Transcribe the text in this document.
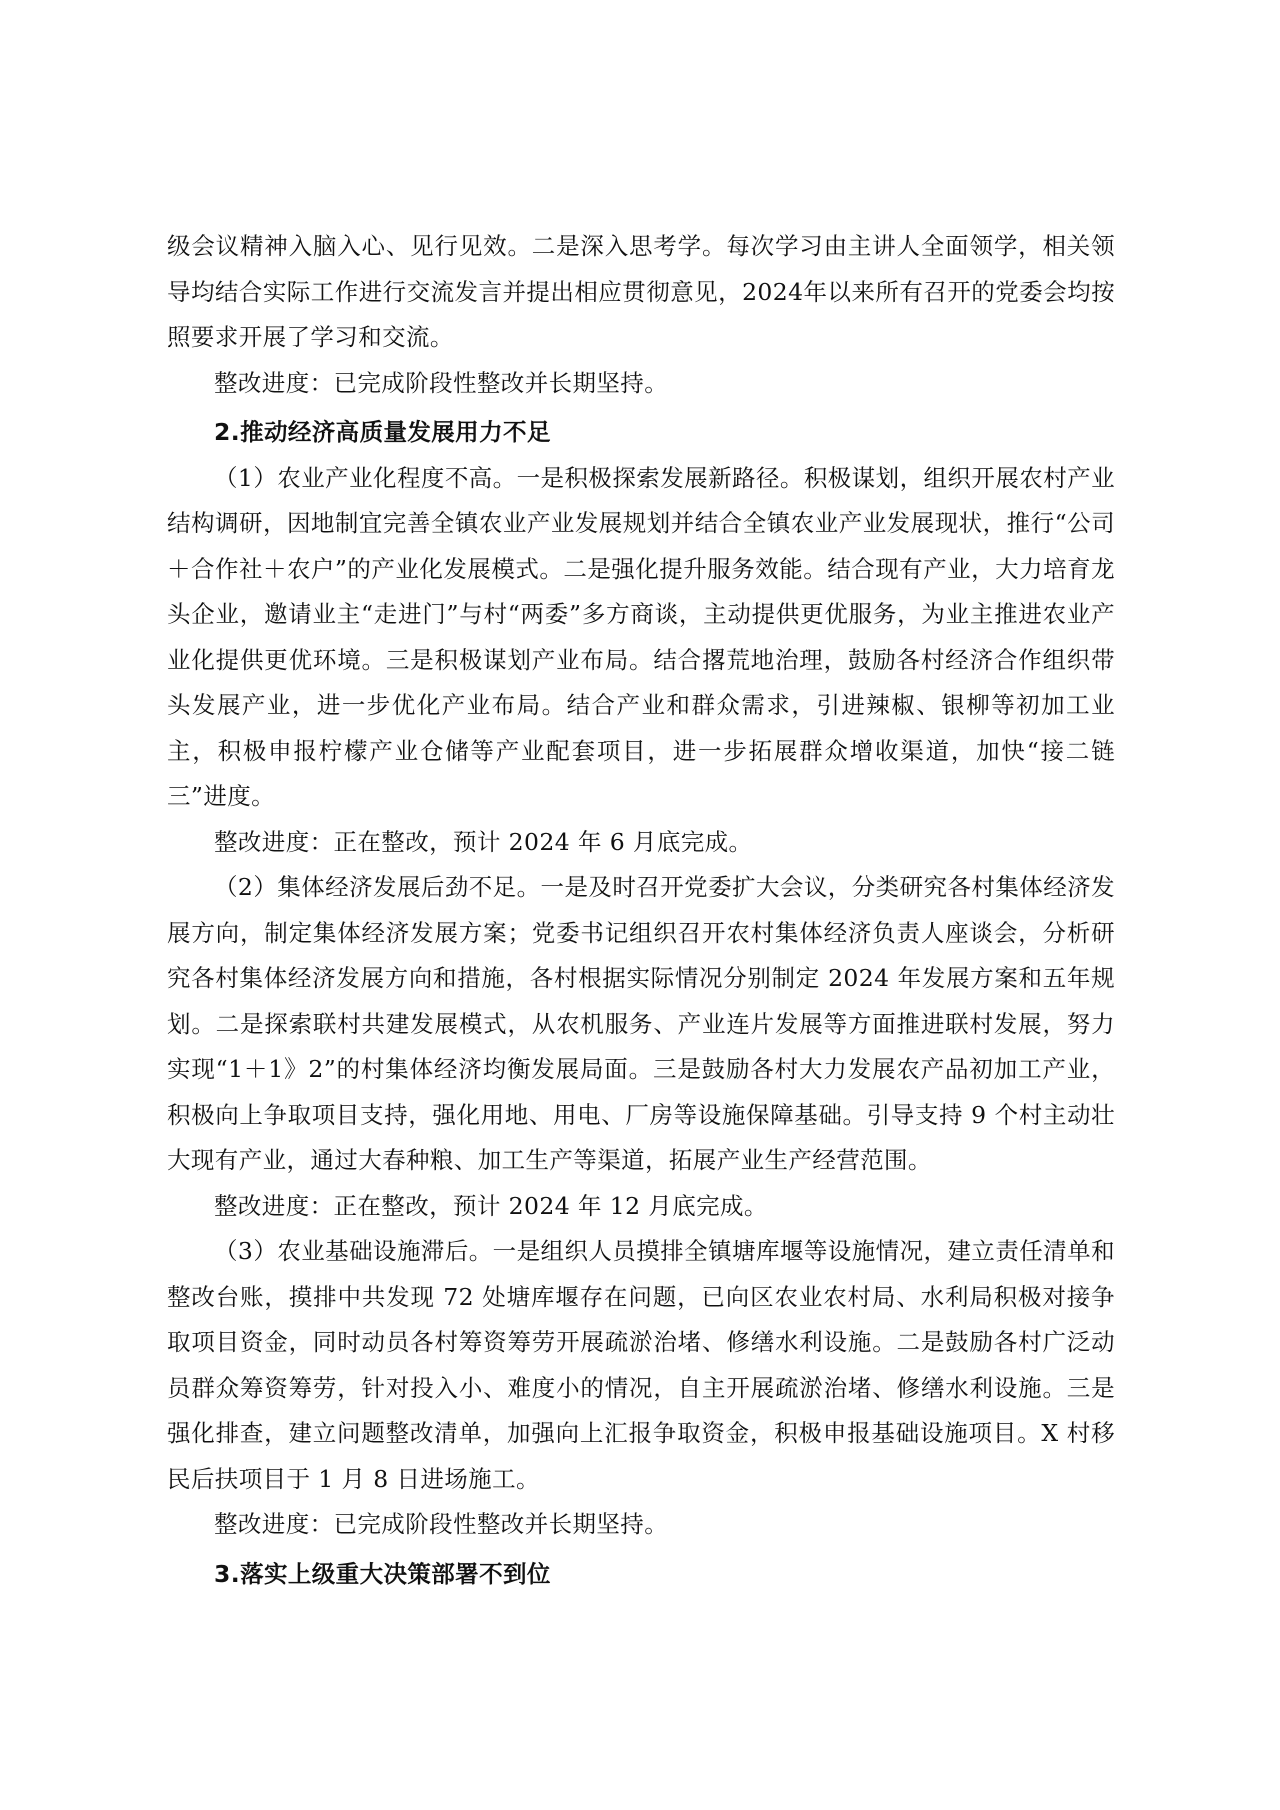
级会议精神入脑入心、见行见效。二是深入思考学。每次学习由主讲人全面领学，相关领导均结合实际工作进行交流发言并提出相应贯彻意见，2024年以来所有召开的党委会均按照要求开展了学习和交流。

整改进度：已完成阶段性整改并长期坚持。

2.推动经济高质量发展用力不足

（1）农业产业化程度不高。一是积极探索发展新路径。积极谋划，组织开展农村产业结构调研，因地制宜完善全镇农业产业发展规划并结合全镇农业产业发展现状，推行“公司＋合作社＋农户”的产业化发展模式。二是强化提升服务效能。结合现有产业，大力培育龙头企业，邀请业主“走进门”与村“两委”多方商谈，主动提供更优服务，为业主推进农业产业化提供更优环境。三是积极谋划产业布局。结合撂荒地治理，鼓励各村经济合作组织带头发展产业，进一步优化产业布局。结合产业和群众需求，引进辣椒、银柳等初加工业主，积极申报柠檬产业仓储等产业配套项目，进一步拓展群众增收渠道，加快“接二链三”进度。

整改进度：正在整改，预计 2024 年 6 月底完成。

（2）集体经济发展后劲不足。一是及时召开党委扩大会议，分类研究各村集体经济发展方向，制定集体经济发展方案；党委书记组织召开农村集体经济负责人座谈会，分析研究各村集体经济发展方向和措施，各村根据实际情况分别制定 2024 年发展方案和五年规划。二是探索联村共建发展模式，从农机服务、产业连片发展等方面推进联村发展，努力实现“1＋1》2”的村集体经济均衡发展局面。三是鼓励各村大力发展农产品初加工产业，积极向上争取项目支持，强化用地、用电、厂房等设施保障基础。引导支持 9 个村主动壮大现有产业，通过大春种粮、加工生产等渠道，拓展产业生产经营范围。

整改进度：正在整改，预计 2024 年 12 月底完成。

（3）农业基础设施滞后。一是组织人员摸排全镇塘库堰等设施情况，建立责任清单和整改台账，摸排中共发现 72 处塘库堰存在问题，已向区农业农村局、水利局积极对接争取项目资金，同时动员各村筹资筹劳开展疏淤治堵、修缮水利设施。二是鼓励各村广泛动员群众筹资筹劳，针对投入小、难度小的情况，自主开展疏淤治堵、修缮水利设施。三是强化排查，建立问题整改清单，加强向上汇报争取资金，积极申报基础设施项目。X 村移民后扶项目于 1 月 8 日进场施工。

整改进度：已完成阶段性整改并长期坚持。

3.落实上级重大决策部署不到位
